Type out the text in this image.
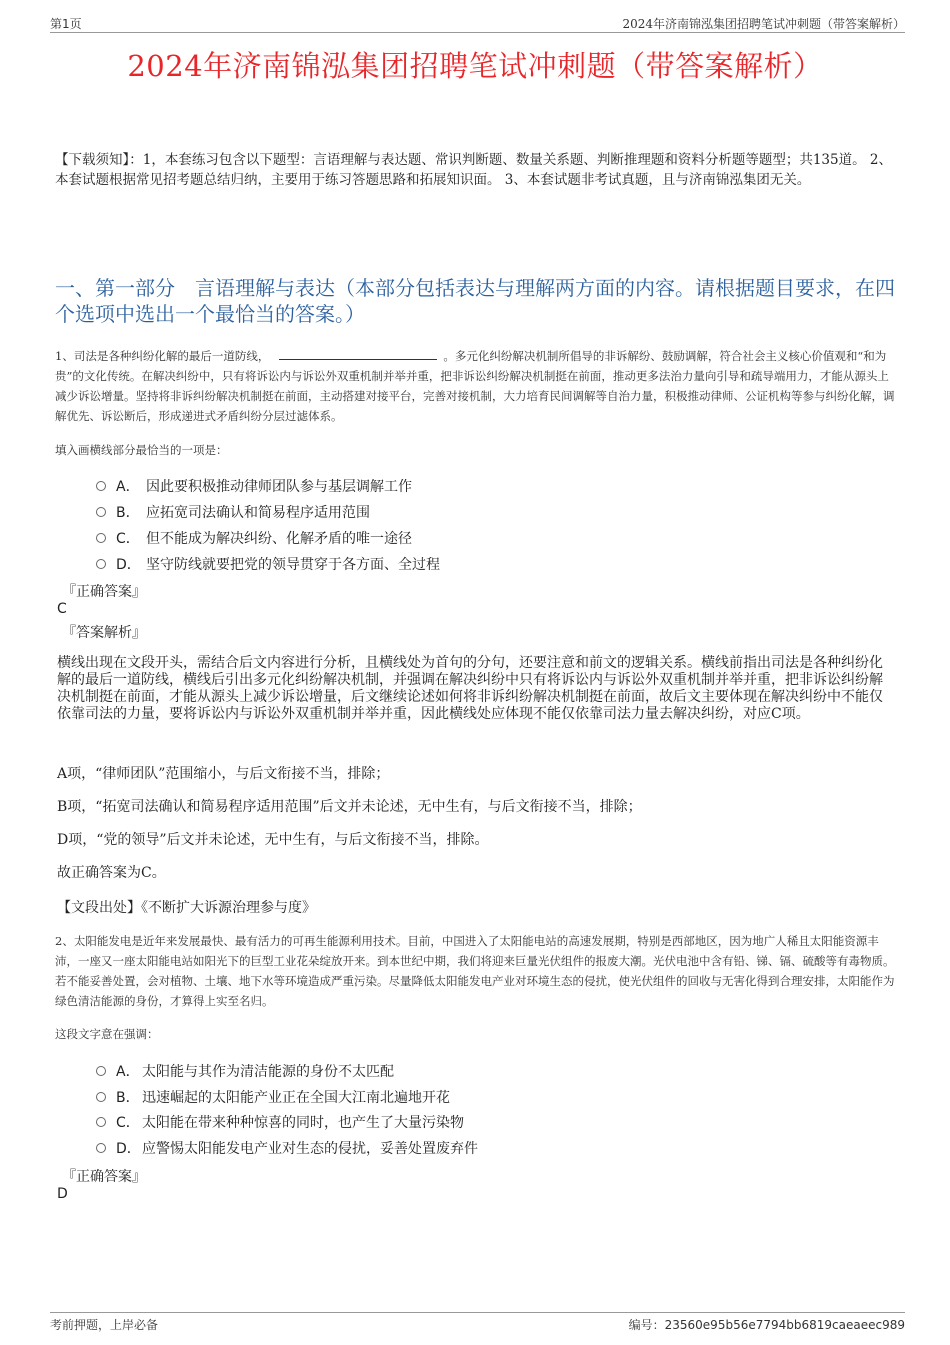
第1页	2024年济南锦泓集团招聘笔试冲刺题（带答案解析）
2024年济南锦泓集团招聘笔试冲刺题（带答案解析）
【下载须知】：1，本套练习包含以下题型：言语理解与表达题、常识判断题、数量关系题、判断推理题和资料分析题等题型；共135道。 2、本套试题根据常见招考题总结归纳，主要用于练习答题思路和拓展知识面。 3、本套试题非考试真题，且与济南锦泓集团无关。
一、第一部分　言语理解与表达（本部分包括表达与理解两方面的内容。请根据题目要求，在四个选项中选出一个最恰当的答案。）
1、司法是各种纠纷化解的最后一道防线，	。多元化纠纷解决机制所倡导的非诉解纷、鼓励调解，符合社会主义核心价值观和“和为贵”的文化传统。在解决纠纷中，只有将诉讼内与诉讼外双重机制并举并重，把非诉讼纠纷解决机制挺在前面，推动更多法治力量向引导和疏导端用力，才能从源头上减少诉讼增量。坚持将非诉纠纷解决机制挺在前面，主动搭建对接平台，完善对接机制，大力培育民间调解等自治力量，积极推动律师、公证机构等参与纠纷化解，调解优先、诉讼断后，形成递进式矛盾纠纷分层过滤体系。
填入画横线部分最恰当的一项是：
A． 因此要积极推动律师团队参与基层调解工作
B． 应拓宽司法确认和简易程序适用范围
C． 但不能成为解决纠纷、化解矛盾的唯一途径
D． 坚守防线就要把党的领导贯穿于各方面、全过程
『正确答案』
C
『答案解析』
横线出现在文段开头，需结合后文内容进行分析，且横线处为首句的分句，还要注意和前文的逻辑关系。横线前指出司法是各种纠纷化解的最后一道防线，横线后引出多元化纠纷解决机制，并强调在解决纠纷中只有将诉讼内与诉讼外双重机制并举并重，把非诉讼纠纷解决机制挺在前面，才能从源头上减少诉讼增量，后文继续论述如何将非诉纠纷解决机制挺在前面，故后文主要体现在解决纠纷中不能仅依靠司法的力量，要将诉讼内与诉讼外双重机制并举并重，因此横线处应体现不能仅依靠司法力量去解决纠纷，对应C项。
A项，“律师团队”范围缩小，与后文衔接不当，排除；
B项，“拓宽司法确认和简易程序适用范围”后文并未论述，无中生有，与后文衔接不当，排除；
D项，“党的领导”后文并未论述，无中生有，与后文衔接不当，排除。
故正确答案为C。
【文段出处】《不断扩大诉源治理参与度》
2、太阳能发电是近年来发展最快、最有活力的可再生能源利用技术。目前，中国进入了太阳能电站的高速发展期，特别是西部地区，因为地广人稀且太阳能资源丰沛，一座又一座太阳能电站如阳光下的巨型工业花朵绽放开来。到本世纪中期，我们将迎来巨量光伏组件的报废大潮。光伏电池中含有铅、锑、镉、硫酸等有毒物质。若不能妥善处置，会对植物、土壤、地下水等环境造成严重污染。尽量降低太阳能发电产业对环境生态的侵扰，使光伏组件的回收与无害化得到合理安排，太阳能作为绿色清洁能源的身份，才算得上实至名归。
这段文字意在强调：
A． 太阳能与其作为清洁能源的身份不太匹配
B． 迅速崛起的太阳能产业正在全国大江南北遍地开花
C． 太阳能在带来种种惊喜的同时，也产生了大量污染物
D．应警惕太阳能发电产业对生态的侵扰，妥善处置废弃件
『正确答案』
D
考前押题，上岸必备	编号：23560e95b56e7794bb6819caeaeec989
